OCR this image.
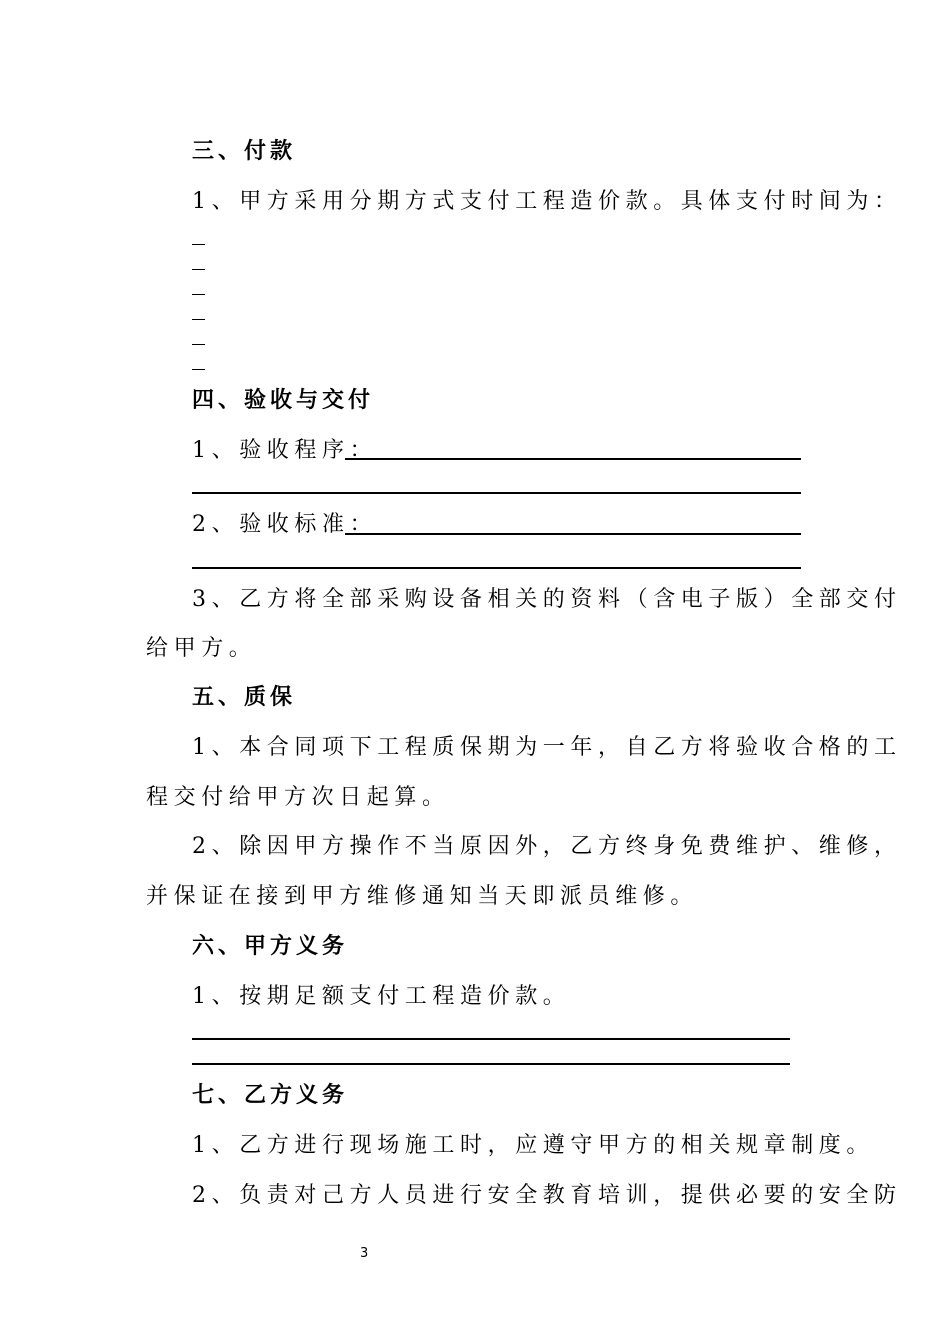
三、付款
1、甲方采用分期方式支付工程造价款。具体支付时间为：
四、验收与交付
1、验收程序：
2、验收标准：
3、乙方将全部采购设备相关的资料（含电子版）全部交付
给甲方。
五、质保
1、本合同项下工程质保期为一年，自乙方将验收合格的工
程交付给甲方次日起算。
2、除因甲方操作不当原因外，乙方终身免费维护、维修，
并保证在接到甲方维修通知当天即派员维修。
六、甲方义务
1、按期足额支付工程造价款。
七、乙方义务
1、乙方进行现场施工时，应遵守甲方的相关规章制度。
2、负责对己方人员进行安全教育培训，提供必要的安全防
3
